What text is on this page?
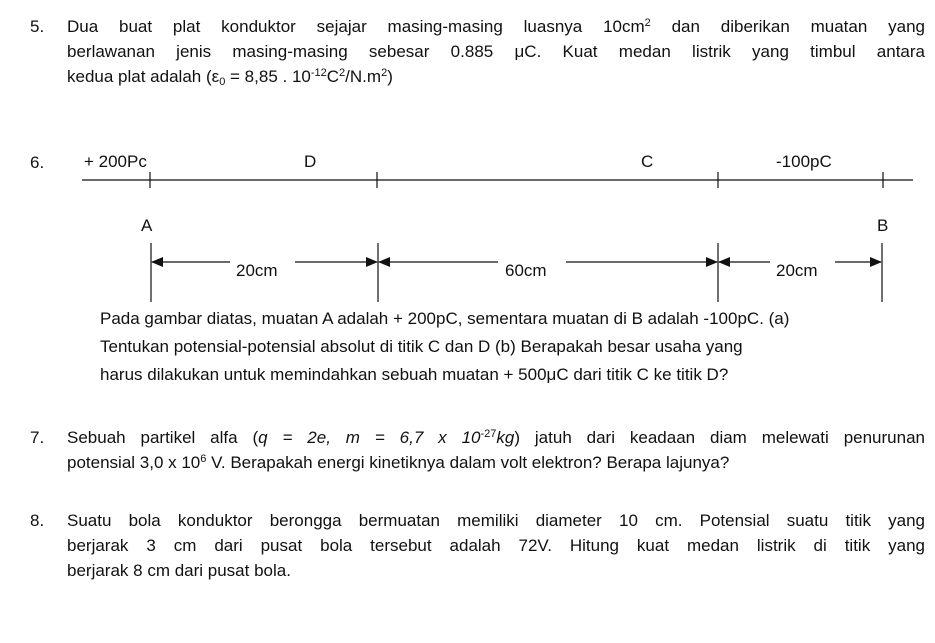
5. Dua buat plat konduktor sejajar masing-masing luasnya $10cm^2$ dan diberikan muatan yang
berlawanan jenis masing-masing sebesar 0.885 μC. Kuat medan listrik yang timbul antara
kedua plat adalah ($\varepsilon_0 = 8,85$ . $10^{-12}C^2/N.m^2$)
6. + 200Pc	D	C	-100pC
A	B
20cm	60cm	20cm
Pada gambar diatas, muatan A adalah + 200pC, sementara muatan di B adalah -100pC. (a)
Tentukan potensial-potensial absolut di titik C dan D (b) Berapakah besar usaha yang
harus dilakukan untuk memindahkan sebuah muatan + 500μC dari titik C ke titik D?
7. Sebuah partikel alfa (q = 2e, m = 6,7 x $10^{-27}kg$) jatuh dari keadaan diam melewati penurunan
potensial 3,0 x $10^6$ V. Berapakah energi kinetiknya dalam volt elektron? Berapa lajunya?
8. Suatu bola konduktor berongga bermuatan memiliki diameter 10 cm. Potensial suatu titik yang
berjarak 3 cm dari pusat bola tersebut adalah 72V. Hitung kuat medan listrik di titik yang
berjarak 8 cm dari pusat bola.
